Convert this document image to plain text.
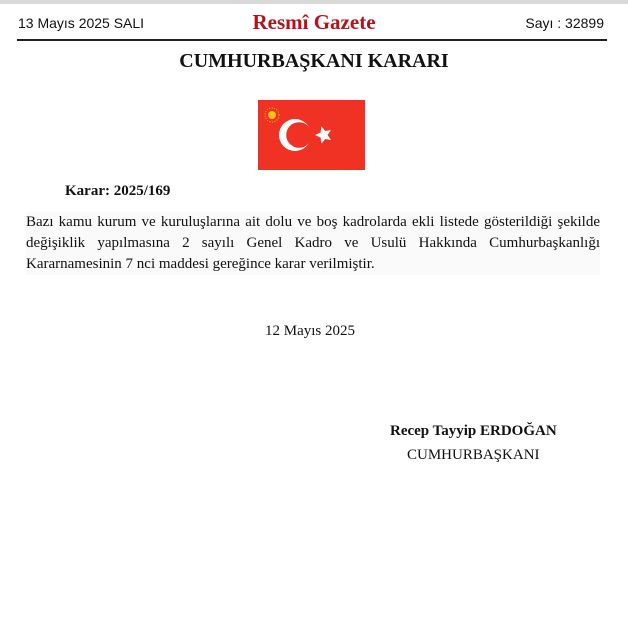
13 Mayıs 2025 SALI	Resmî Gazete	Sayı : 32899
CUMHURBAŞKANI KARARI
Karar: 2025/169
Bazı kamu kurum ve kuruluşlarına ait dolu ve boş kadrolarda ekli listede gösterildiği şekilde değişiklik yapılmasına 2 sayılı Genel Kadro ve Usulü Hakkında Cumhurbaşkanlığı Kararnamesinin 7 nci maddesi gereğince karar verilmiştir.
12 Mayıs 2025
Recep Tayyip ERDOĞAN
CUMHURBAŞKANI
